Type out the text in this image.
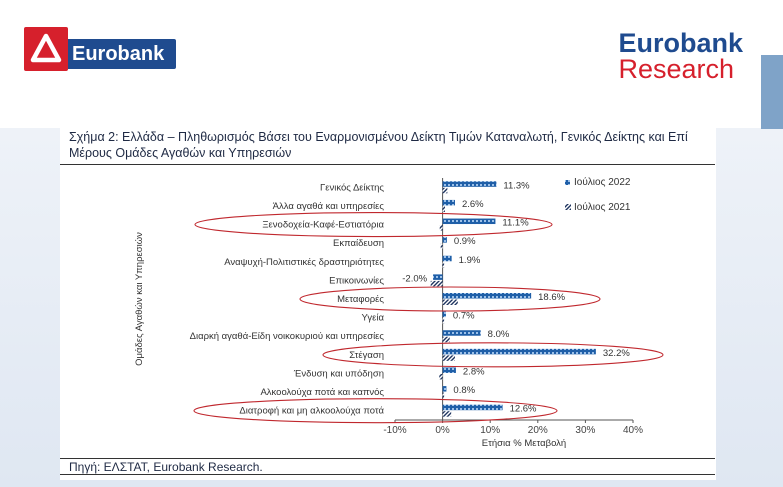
Eurobank	Eurobank
Research
Σχήμα 2: Ελλάδα – Πληθωρισμός Βάσει του Εναρμονισμένου Δείκτη Τιμών Καταναλωτή, Γενικός Δείκτης και Επί Μέρους Ομάδες Αγαθών και Υπηρεσιών
Πηγή: ΕΛΣΤΑΤ, Eurobank Research.
-10%	0%	10%	20%	30%	40%
Ετήσια % Μεταβολή
Ομάδες Αγαθών και Υπηρεσιών
Γενικός Δείκτης	11.3%
Άλλα αγαθά και υπηρεσίες	2.6%
Ξενοδοχεία-Καφέ-Εστιατόρια	11.1%
Εκπαίδευση	0.9%
Αναψυχή-Πολιτιστικές δραστηριότητες	1.9%
Επικοινωνίες -2.0%
Μεταφορές	18.6%
Υγεία	0.7%
Διαρκή αγαθά-Είδη νοικοκυριού και υπηρεσίες	8.0%
Στέγαση	32.2%
Ένδυση και υπόδηση	2.8%
Αλκοολούχα ποτά και καπνός	0.8%
Διατροφή και μη αλκοολούχα ποτά	12.6%
Ιούλιος 2022
Ιούλιος 2021
